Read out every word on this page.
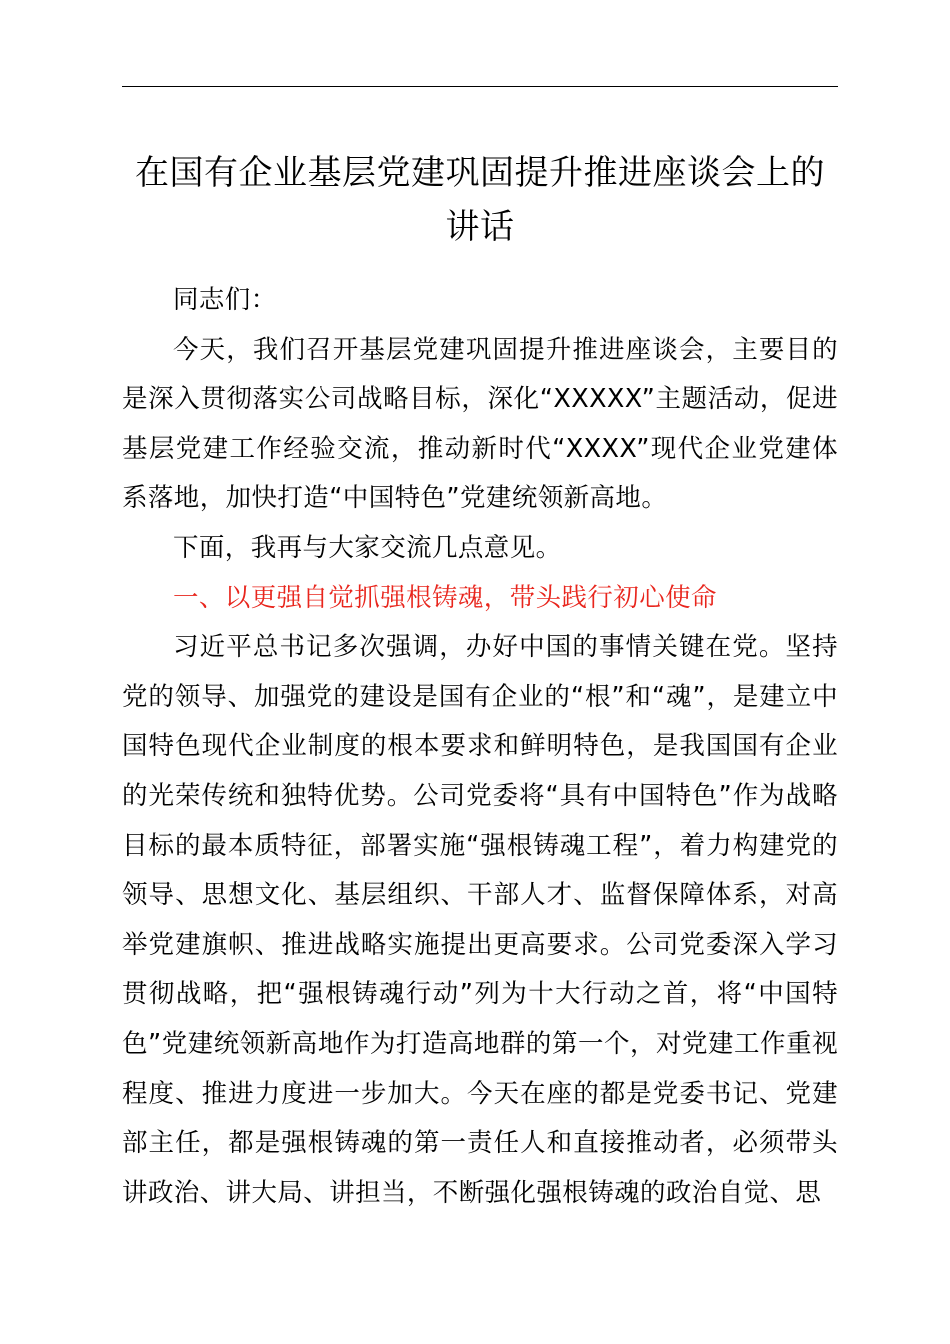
在国有企业基层党建巩固提升推进座谈会上的讲话

同志们：

今天，我们召开基层党建巩固提升推进座谈会，主要目的是深入贯彻落实公司战略目标，深化“XXXXX”主题活动，促进基层党建工作经验交流，推动新时代“XXXX”现代企业党建体系落地，加快打造“中国特色”党建统领新高地。

下面，我再与大家交流几点意见。

一、以更强自觉抓强根铸魂，带头践行初心使命

习近平总书记多次强调，办好中国的事情关键在党。坚持党的领导、加强党的建设是国有企业的“根”和“魂”，是建立中国特色现代企业制度的根本要求和鲜明特色，是我国国有企业的光荣传统和独特优势。公司党委将“具有中国特色”作为战略目标的最本质特征，部署实施“强根铸魂工程”，着力构建党的领导、思想文化、基层组织、干部人才、监督保障体系，对高举党建旗帜、推进战略实施提出更高要求。公司党委深入学习贯彻战略，把“强根铸魂行动”列为十大行动之首，将“中国特色”党建统领新高地作为打造高地群的第一个，对党建工作重视程度、推进力度进一步加大。今天在座的都是党委书记、党建部主任，都是强根铸魂的第一责任人和直接推动者，必须带头讲政治、讲大局、讲担当，不断强化强根铸魂的政治自觉、思
